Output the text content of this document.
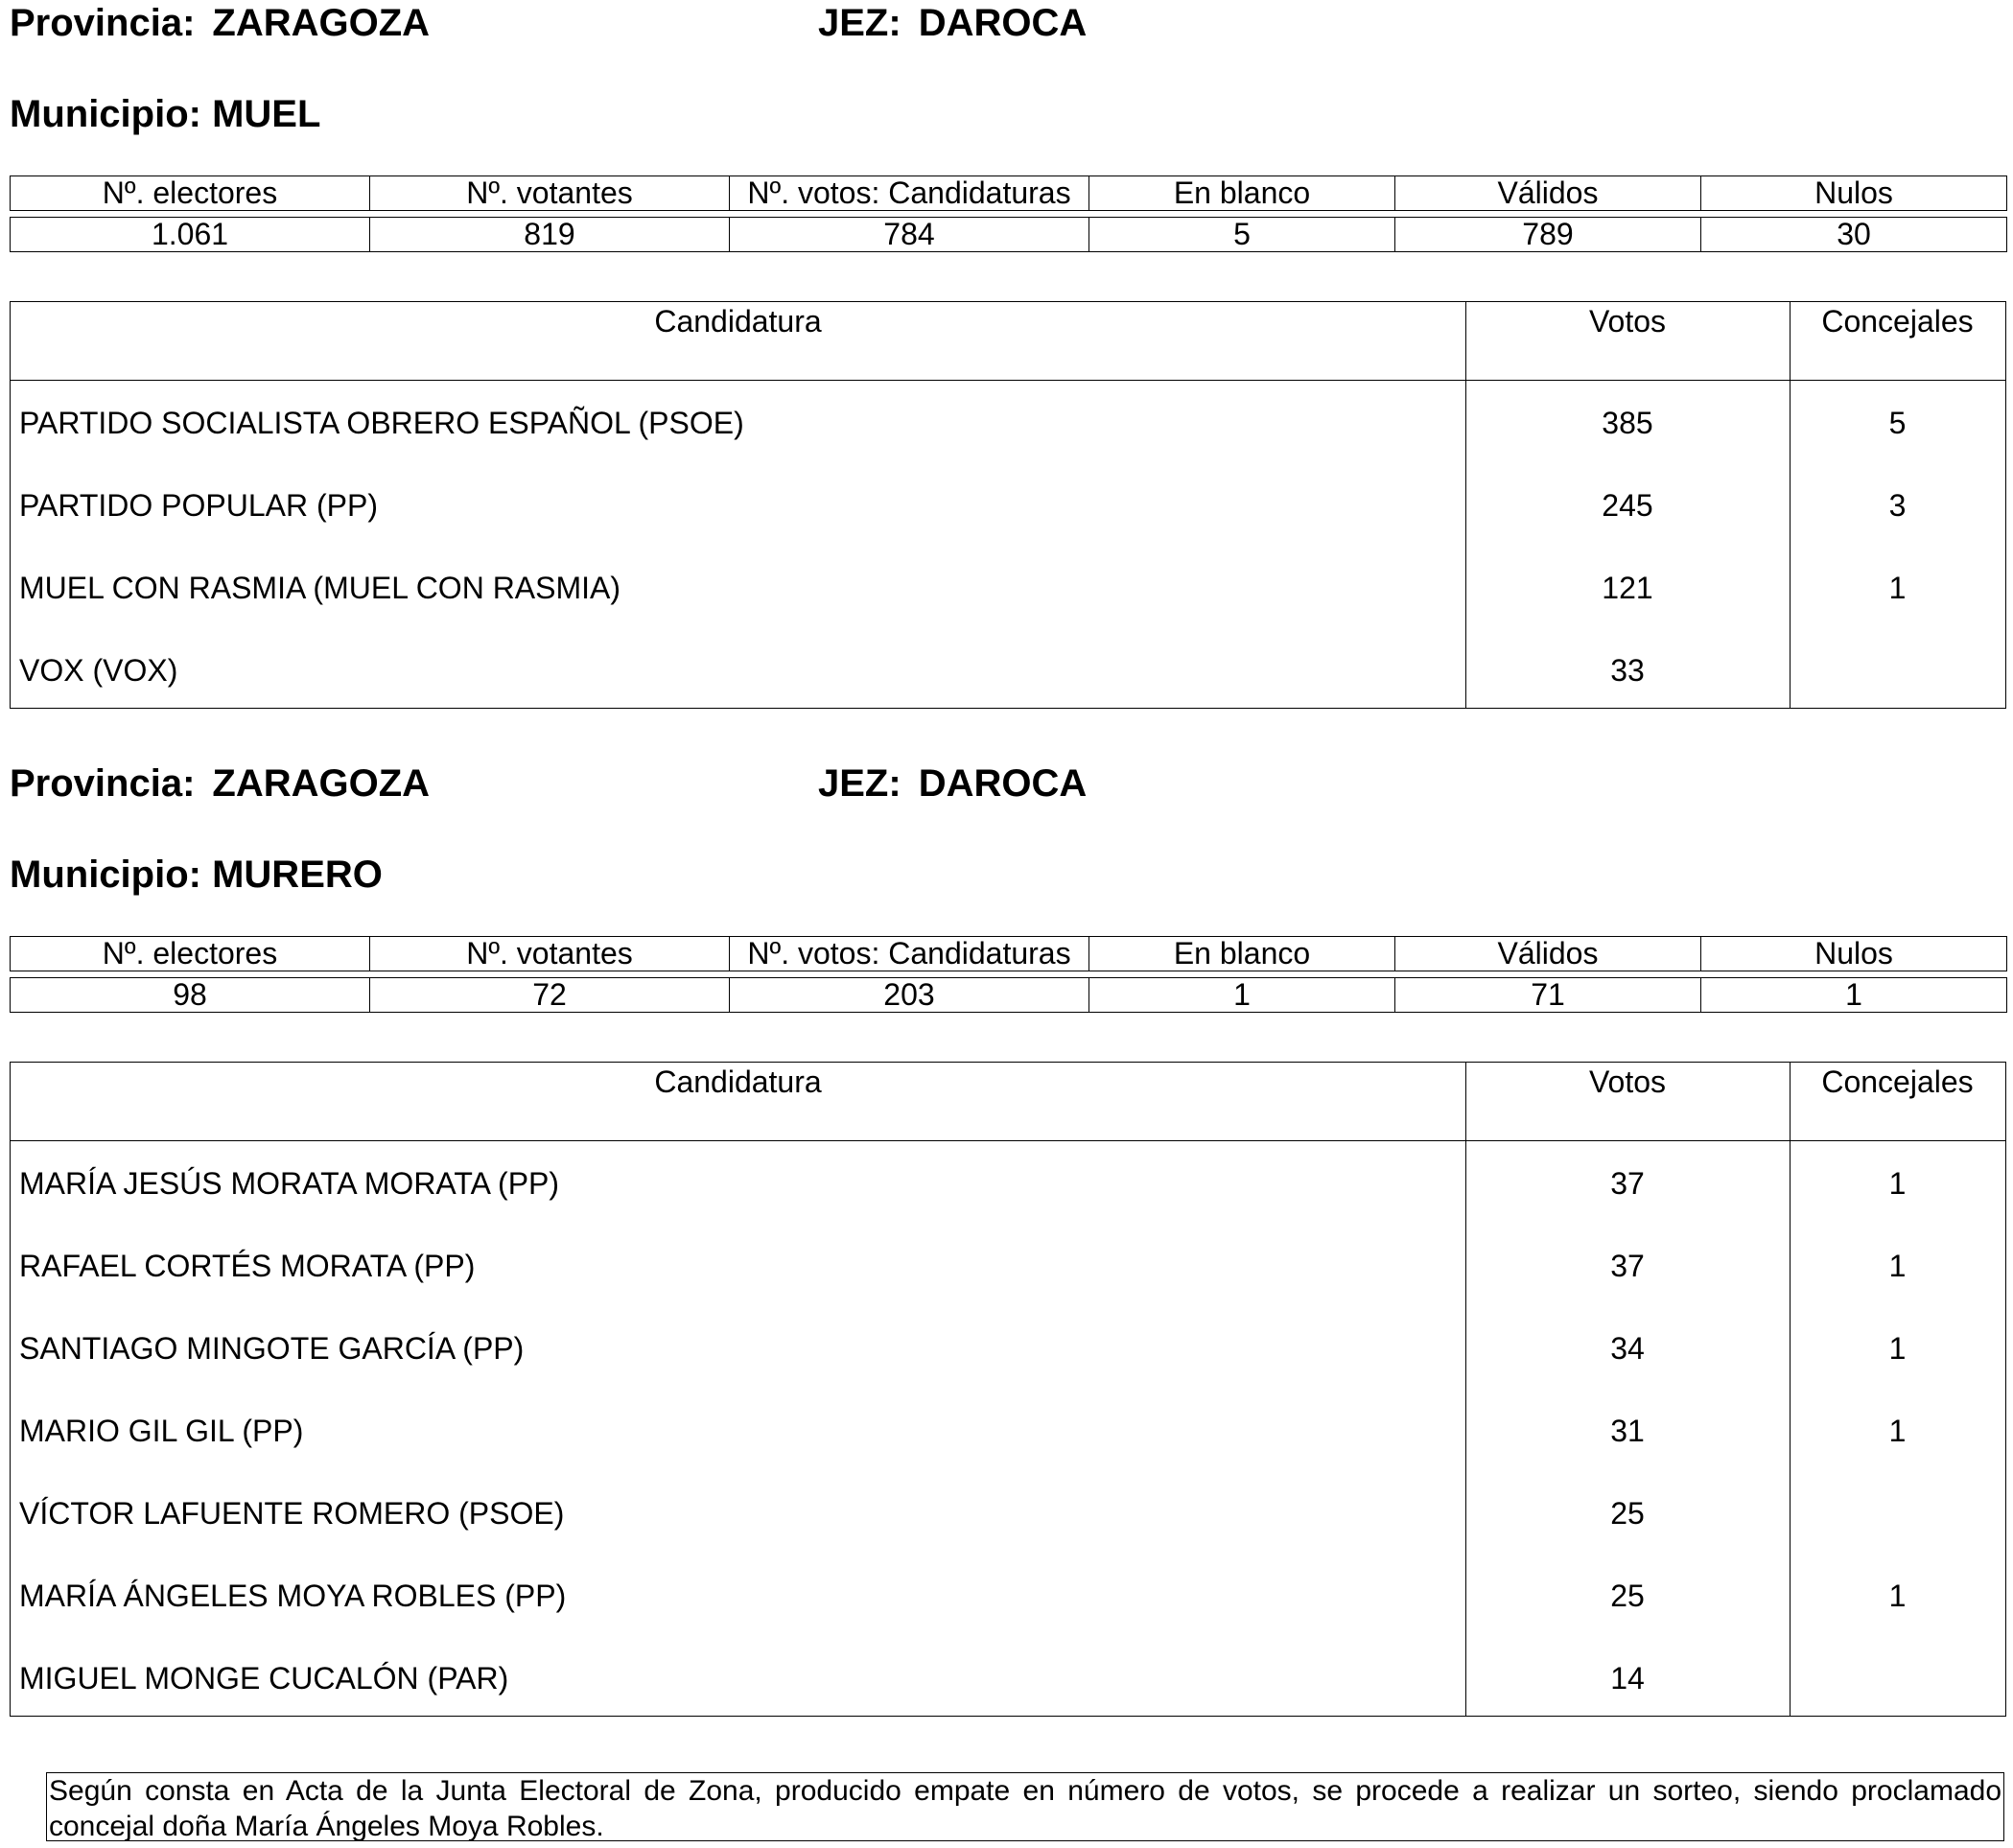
Provincia: ZARAGOZA	JEZ: DAROCA
Municipio: MUEL
Nº. electores	Nº. votantes	Nº. votos: Candidaturas	En blanco	Válidos	Nulos

1.061	819	784	5	789	30
Candidatura	Votos	Concejales
PARTIDO SOCIALISTA OBRERO ESPAÑOL (PSOE)	385	5
PARTIDO POPULAR (PP)	245	3
MUEL CON RASMIA (MUEL CON RASMIA)	121	1
VOX (VOX)	33
Provincia: ZARAGOZA	JEZ: DAROCA
Municipio: MURERO
Nº. electores	Nº. votantes	Nº. votos: Candidaturas	En blanco	Válidos	Nulos

98	72	203	1	71	1
Candidatura	Votos	Concejales
MARÍA JESÚS MORATA MORATA (PP)	37	1
RAFAEL CORTÉS MORATA (PP)	37	1
SANTIAGO MINGOTE GARCÍA (PP)	34	1
MARIO GIL GIL (PP)	31	1
VÍCTOR LAFUENTE ROMERO (PSOE)	25
MARÍA ÁNGELES MOYA ROBLES (PP)	25	1
MIGUEL MONGE CUCALÓN (PAR)	14
Según consta en Acta de la Junta Electoral de Zona, producido empate en número de votos, se procede a realizar un sorteo, siendo proclamado concejal doña María Ángeles Moya Robles.
